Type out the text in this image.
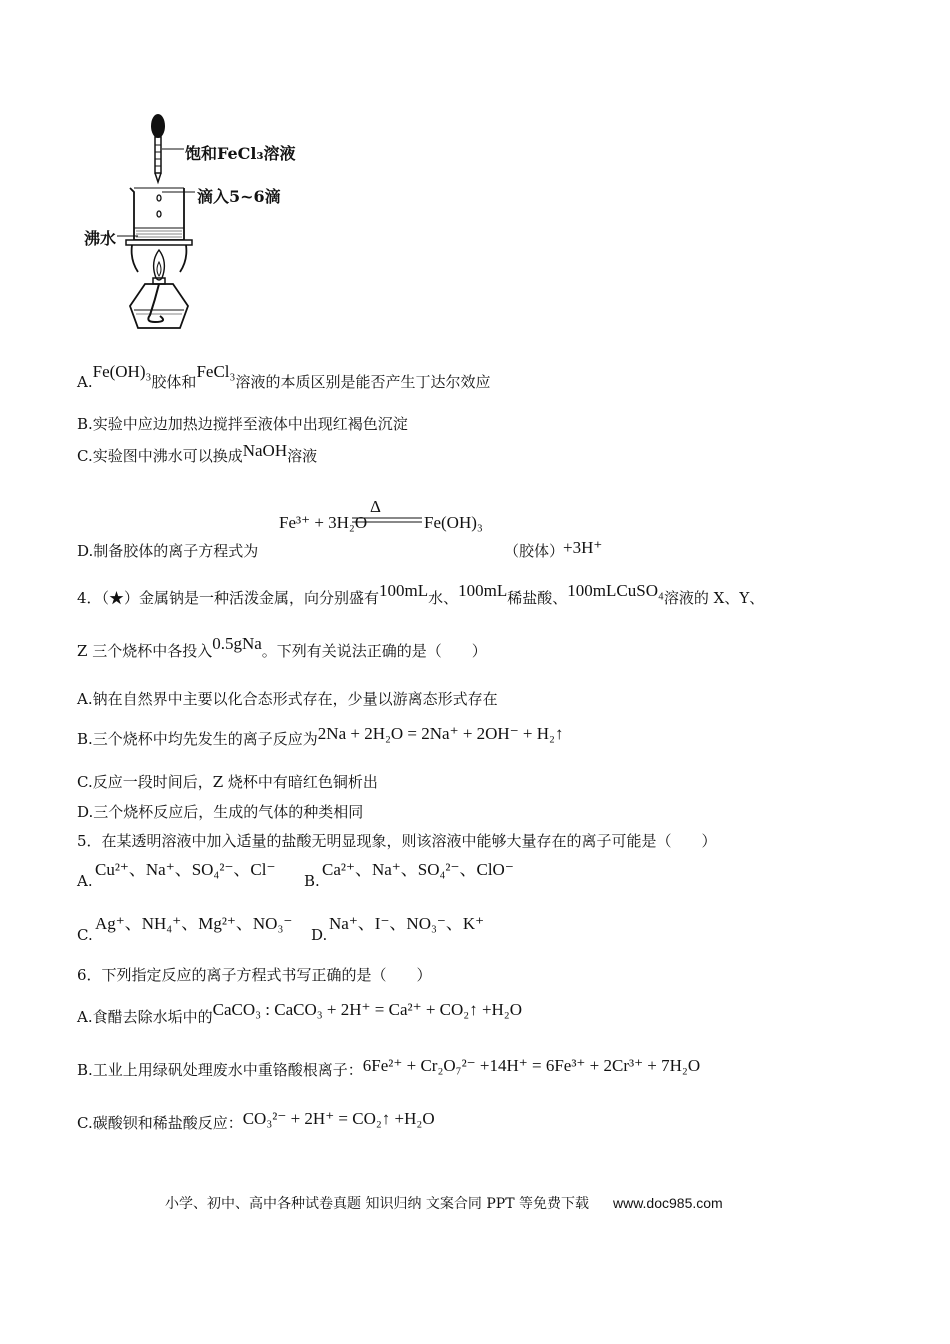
饱和FeCl₃溶液
滴入5~6滴
沸水
A.Fe(OH)₃胶体和FeCl₃溶液的本质区别是能否产生丁达尔效应
B.实验中应边加热边搅拌至液体中出现红褐色沉淀
C.实验图中沸水可以换成NaOH溶液
Fe³⁺ + 3H₂O
Δ
Fe(OH)₃
D.制备胶体的离子方程式为	（胶体）
+3H⁺
4．（★）金属钠是一种活泼金属，向分别盛有100mL水、100mL稀盐酸、100mLCuSO₄溶液的 X、Y、
Z 三个烧杯中各投入0.5gNa。下列有关说法正确的是（　　）
A.钠在自然界中主要以化合态形式存在，少量以游离态形式存在
B.三个烧杯中均先发生的离子反应为2Na + 2H₂O = 2Na⁺ + 2OH⁻ + H₂↑
C.反应一段时间后，Z 烧杯中有暗红色铜析出
D.三个烧杯反应后，生成的气体的种类相同
5．在某透明溶液中加入适量的盐酸无明显现象，则该溶液中能够大量存在的离子可能是（　　）
A.
Cu²⁺、Na⁺、SO₄²⁻、Cl⁻
B.
Ca²⁺、Na⁺、SO₄²⁻、ClO⁻
C.
Ag⁺、NH₄⁺、Mg²⁺、NO₃⁻
D.
Na⁺、I⁻、NO₃⁻、K⁺
6．下列指定反应的离子方程式书写正确的是（　　）
A.食醋去除水垢中的CaCO₃ : CaCO₃ + 2H⁺ = Ca²⁺ + CO₂↑ +H₂O
B.工业上用绿矾处理废水中重铬酸根离子：6Fe²⁺ + Cr₂O₇²⁻ +14H⁺ = 6Fe³⁺ + 2Cr³⁺ + 7H₂O
C.碳酸钡和稀盐酸反应：CO₃²⁻ + 2H⁺ = CO₂↑ +H₂O
小学、初中、高中各种试卷真题 知识归纳 文案合同 PPT 等免费下载 www.doc985.com
